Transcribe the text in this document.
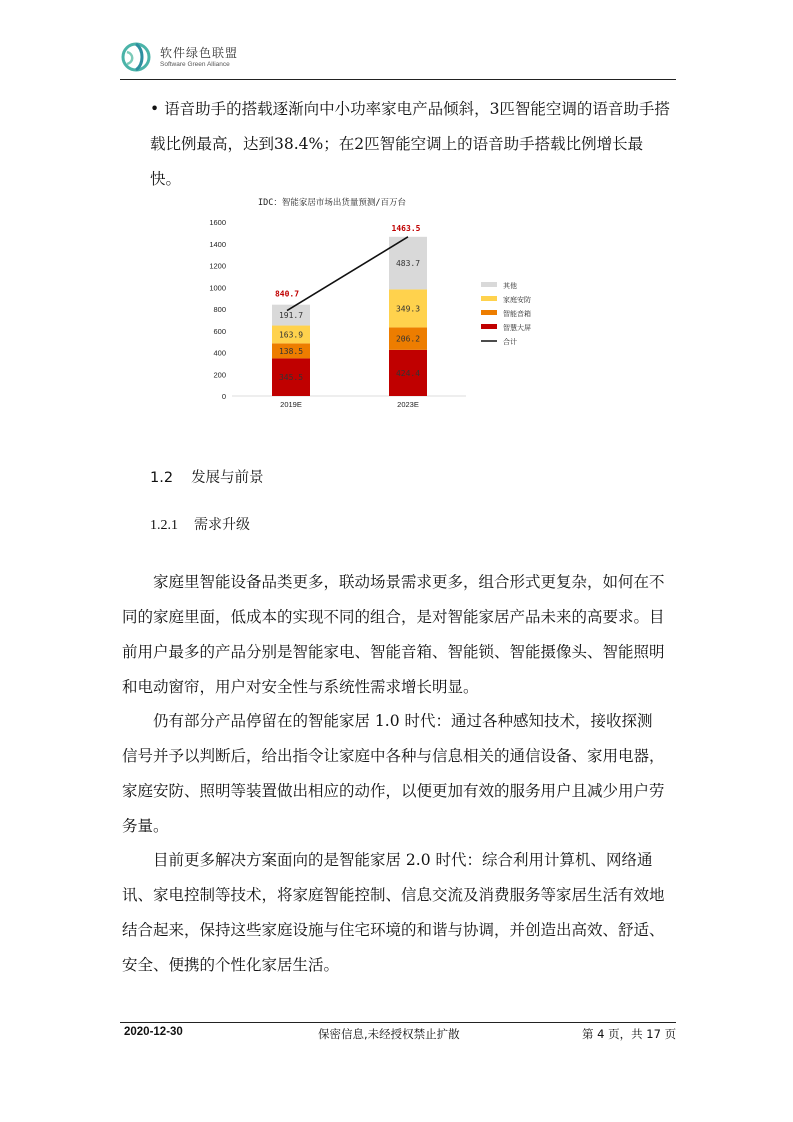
软件绿色联盟
Software Green Alliance
• 语音助手的搭载逐渐向中小功率家电产品倾斜，3匹智能空调的语音助手搭载比例最高，达到38.4%；在2匹智能空调上的语音助手搭载比例增长最快。
IDC：智能家居市场出货量预测/百万台
0
200
400
600
800
1000
1200
1400
1600
345.5
138.5
163.9
191.7
2019E
424.4
206.2
349.3
483.7
2023E
840.7
1463.5
其他
家庭安防
智能音箱
智慧大屏
合计
1.2 发展与前景
1.2.1 需求升级
家庭里智能设备品类更多，联动场景需求更多，组合形式更复杂，如何在不同的家庭里面，低成本的实现不同的组合，是对智能家居产品未来的高要求。目前用户最多的产品分别是智能家电、智能音箱、智能锁、智能摄像头、智能照明和电动窗帘，用户对安全性与系统性需求增长明显。
仍有部分产品停留在的智能家居 1.0 时代：通过各种感知技术，接收探测信号并予以判断后，给出指令让家庭中各种与信息相关的通信设备、家用电器，家庭安防、照明等装置做出相应的动作，以便更加有效的服务用户且减少用户劳务量。
目前更多解决方案面向的是智能家居 2.0 时代：综合利用计算机、网络通讯、家电控制等技术，将家庭智能控制、信息交流及消费服务等家居生活有效地结合起来，保持这些家庭设施与住宅环境的和谐与协调，并创造出高效、舒适、安全、便携的个性化家居生活。
2020-12-30	保密信息,未经授权禁止扩散	第 4 页，共 17 页
